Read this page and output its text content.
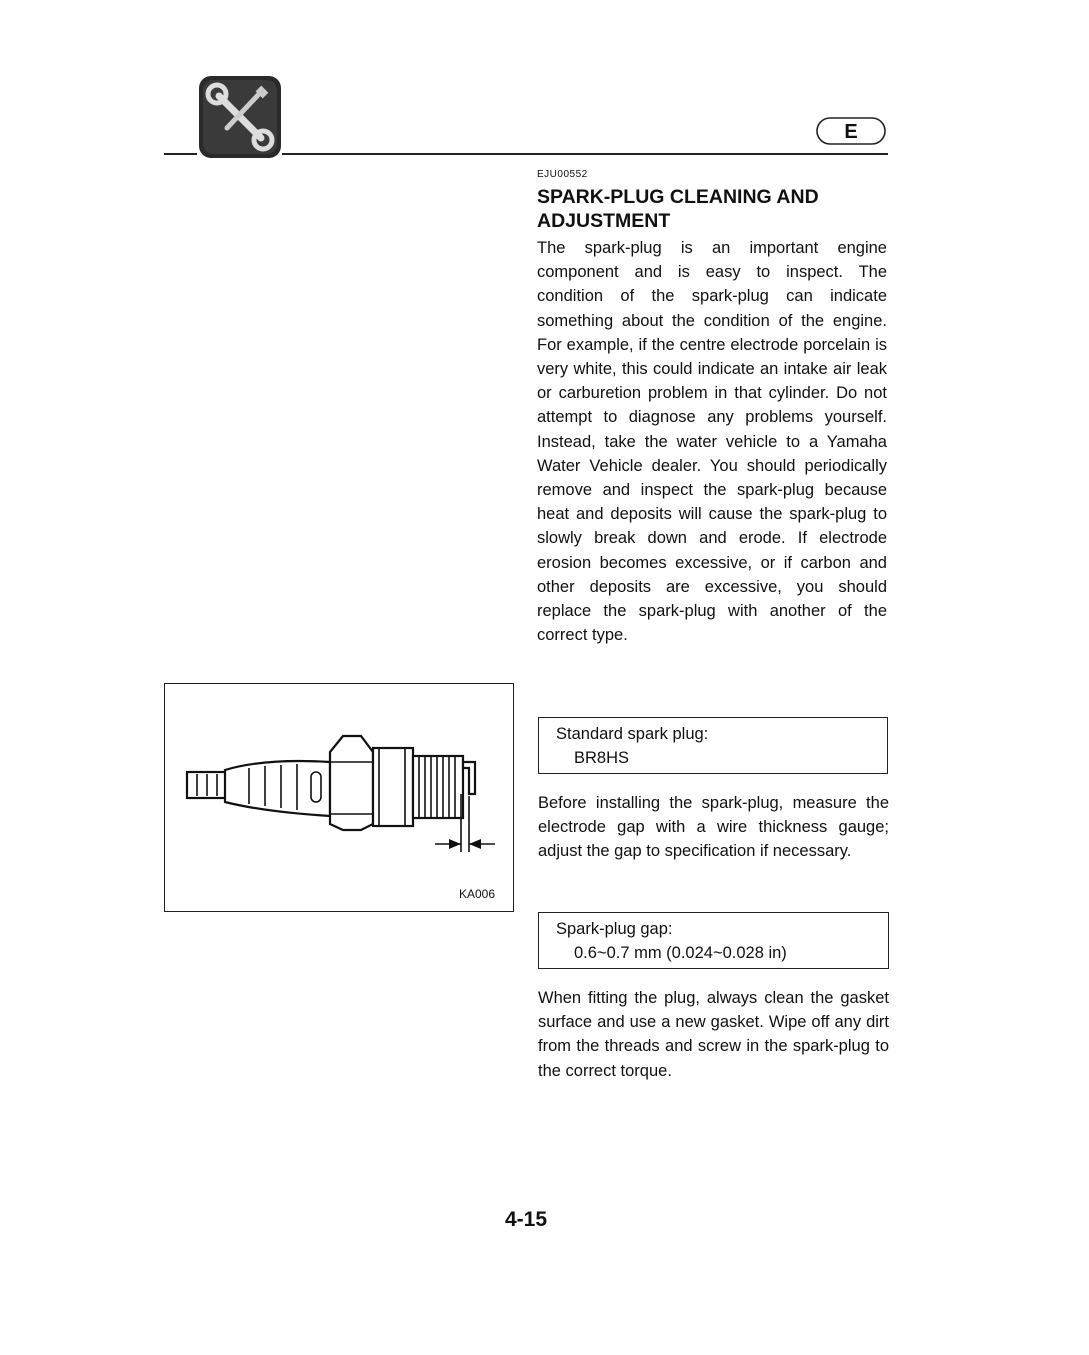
E
EJU00552
SPARK-PLUG CLEANING AND ADJUSTMENT
The spark-plug is an important engine component and is easy to inspect. The condition of the spark-plug can indicate something about the condition of the engine. For example, if the centre electrode porcelain is very white, this could indicate an intake air leak or carburetion problem in that cylinder. Do not attempt to diagnose any problems yourself. Instead, take the water vehicle to a Yamaha Water Vehicle dealer. You should periodically remove and inspect the spark-plug because heat and deposits will cause the spark-plug to slowly break down and erode. If electrode erosion becomes excessive, or if carbon and other deposits are excessive, you should replace the spark-plug with another of the correct type.
Standard spark plug:
BR8HS
Before installing the spark-plug, measure the electrode gap with a wire thickness gauge; adjust the gap to specification if necessary.
Spark-plug gap:
0.6~0.7 mm (0.024~0.028 in)
When fitting the plug, always clean the gasket surface and use a new gasket. Wipe off any dirt from the threads and screw in the spark-plug to the correct torque.
KA006
4-15
